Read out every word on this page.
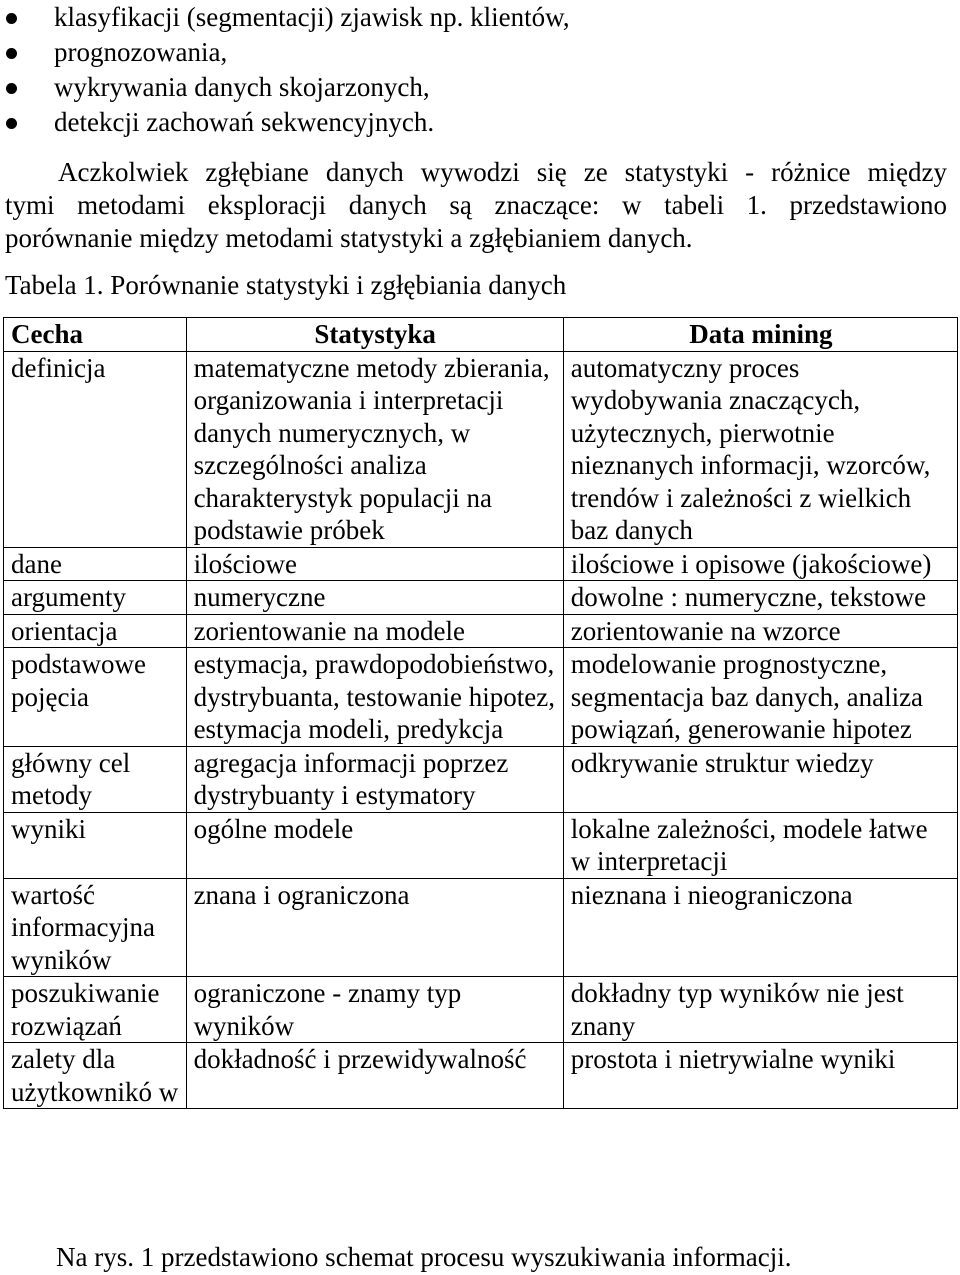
klasyfikacji (segmentacji) zjawisk np. klientów,
prognozowania,
wykrywania danych skojarzonych,
detekcji zachowań sekwencyjnych.

Aczkolwiek zgłębiane danych wywodzi się ze statystyki - różnice między
tymi metodami eksploracji danych są znaczące: w tabeli 1. przedstawiono
porównanie między metodami statystyki a zgłębianiem danych.

Tabela 1. Porównanie statystyki i zgłębiania danych

Cecha	Statystyka	Data mining
definicja	matematyczne metody zbierania, organizowania i interpretacji danych numerycznych, w szczególności analiza charakterystyk populacji na podstawie próbek	automatyczny proces wydobywania znaczących, użytecznych, pierwotnie nieznanych informacji, wzorców, trendów i zależności z wielkich baz danych
dane	ilościowe	ilościowe i opisowe (jakościowe)
argumenty	numeryczne	dowolne : numeryczne, tekstowe
orientacja	zorientowanie na modele	zorientowanie na wzorce
podstawowe pojęcia	estymacja, prawdopodobieństwo, dystrybuanta, testowanie hipotez, estymacja modeli, predykcja	modelowanie prognostyczne, segmentacja baz danych, analiza powiązań, generowanie hipotez
główny cel metody	agregacja informacji poprzez dystrybuanty i estymatory	odkrywanie struktur wiedzy
wyniki	ogólne modele	lokalne zależności, modele łatwe w interpretacji
wartość informacyjna wyników	znana i ograniczona	nieznana i nieograniczona
poszukiwanie rozwiązań	ograniczone - znamy typ wyników	dokładny typ wyników nie jest znany
zalety dla użytkownikó w	dokładność i przewidywalność	prostota i nietrywialne wyniki

Na rys. 1 przedstawiono schemat procesu wyszukiwania informacji.
